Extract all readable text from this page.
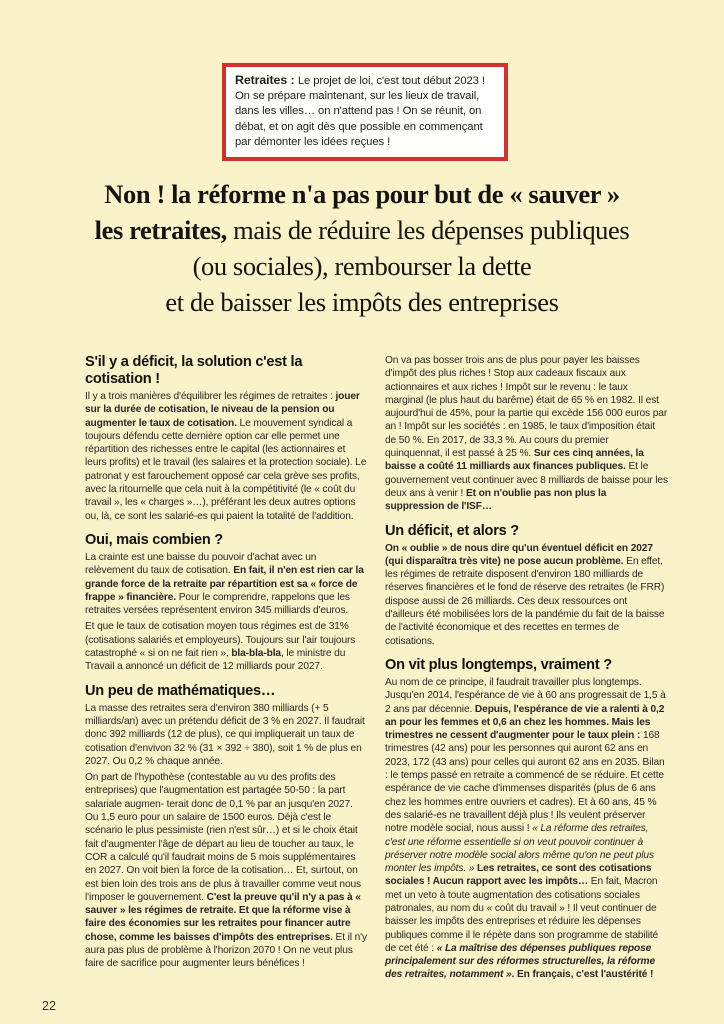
Retraites : Le projet de loi, c'est tout début 2023 ! On se prépare maintenant, sur les lieux de travail, dans les villes… on n'attend pas ! On se réunit, on débat, et on agit dès que possible en commençant par démonter les idées reçues !

Non ! la réforme n'a pas pour but de « sauver »
les retraites, mais de réduire les dépenses publiques
(ou sociales), rembourser la dette
et de baisser les impôts des entreprises
S'il y a déficit, la solution c'est la cotisation !

Il y a trois manières d'équilibrer les régimes de retraites : jouer sur la durée de cotisation, le niveau de la pension ou augmenter le taux de cotisation. Le mouvement syndical a toujours défendu cette dernière option car elle permet une répartition des richesses entre le capital (les actionnaires et leurs profits) et le travail (les salaires et la protection sociale). Le patronat y est farouchement opposé car cela grève ses profits, avec la ritournelle que cela nuit à la compétitivité (le « coût du travail », les « charges »…), préférant les deux autres options ou, là, ce sont les salarié-es qui paient la totalité de l'addition.

Oui, mais combien ?

La crainte est une baisse du pouvoir d'achat avec un relèvement du taux de cotisation. En fait, il n'en est rien car la grande force de la retraite par répartition est sa « force de frappe » financière. Pour le comprendre, rappelons que les retraites versées représentent environ 345 milliards d'euros.

Et que le taux de cotisation moyen tous régimes est de 31% (cotisations salariés et employeurs). Toujours sur l'air toujours catastrophé « si on ne fait rien », bla-bla-bla, le ministre du Travail a annoncé un déficit de 12 milliards pour 2027.

Un peu de mathématiques…

La masse des retraites sera d'environ 380 milliards (+ 5 milliards/an) avec un prétendu déficit de 3 % en 2027. Il faudrait donc 392 milliards (12 de plus), ce qui impliquerait un taux de cotisation d'envivon 32 % (31 × 392 ÷ 380), soit 1 % de plus en 2027. Ou 0,2 % chaque année.

On part de l'hypothèse (contestable au vu des profits des entreprises) que l'augmentation est partagée 50-50 : la part salariale augmen- terait donc de 0,1 % par an jusqu'en 2027. Ou 1,5 euro pour un salaire de 1500 euros. Déjà c'est le scénario le plus pessimiste (rien n'est sûr…) et si le choix était fait d'augmenter l'âge de départ au lieu de toucher au taux, le COR a calculé qu'il faudrait moins de 5 mois supplémentaires en 2027. On voit bien la force de la cotisation… Et, surtout, on est bien loin des trois ans de plus à travailler comme veut nous l'imposer le gouvernement. C'est la preuve qu'il n'y a pas à « sauver » les régimes de retraite. Et que la réforme vise à faire des économies sur les retraites pour financer autre chose, comme les baisses d'impôts des entreprises. Et il n'y aura pas plus de problème à l'horizon 2070 ! On ne veut plus faire de sacrifice pour augmenter leurs bénéfices !

On va pas bosser trois ans de plus pour payer les baisses d'impôt des plus riches ! Stop aux cadeaux fiscaux aux actionnaires et aux riches ! Impôt sur le revenu : le taux marginal (le plus haut du barême) était de 65 % en 1982. Il est aujourd'hui de 45%, pour la partie qui excède 156 000 euros par an ! Impôt sur les sociétés : en 1985, le taux d'imposition était de 50 %. En 2017, de 33,3 %. Au cours du premier quinquennat, il est passé à 25 %. Sur ces cinq années, la baisse a coûté 11 milliards aux finances publiques. Et le gouvernement veut continuer avec 8 milliards de baisse pour les deux ans à venir ! Et on n'oublie pas non plus la suppression de l'ISF…

Un déficit, et alors ?

On « oublie » de nous dire qu'un éventuel déficit en 2027 (qui disparaîtra très vite) ne pose aucun problème. En effet, les régimes de retraite disposent d'environ 180 milliards de réserves financières et le fond de réserve des retraites (le FRR) dispose aussi de 26 milliards. Ces deux ressources ont d'ailleurs été mobilisées lors de la pandémie du fait de la baisse de l'activité économique et des recettes en termes de cotisations.

On vit plus longtemps, vraiment ?

Au nom de ce principe, il faudrait travailler plus longtemps. Jusqu'en 2014, l'espérance de vie à 60 ans progressait de 1,5 à 2 ans par décennie. Depuis, l'espérance de vie a ralenti à 0,2 an pour les femmes et 0,6 an chez les hommes. Mais les trimestres ne cessent d'augmenter pour le taux plein : 168 trimestres (42 ans) pour les personnes qui auront 62 ans en 2023, 172 (43 ans) pour celles qui auront 62 ans en 2035. Bilan : le temps passé en retraite a commencé de se réduire. Et cette espérance de vie cache d'immenses disparités (plus de 6 ans chez les hommes entre ouvriers et cadres). Et à 60 ans, 45 % des salarié-es ne travaillent déjà plus ! Ils veulent préserver notre modèle social, nous aussi ! « La réforme des retraites, c'est une réforme essentielle si on veut pouvoir continuer à préserver notre modèle social alors même qu'on ne peut plus monter les impôts. » Les retraites, ce sont des cotisations sociales ! Aucun rapport avec les impôts… En fait, Macron met un veto à toute augmentation des cotisations sociales patronales, au nom du « coût du travail » ! Il veut continuer de baisser les impôts des entreprises et réduire les dépenses publiques comme il le répète dans son programme de stabilité de cet été : « La maîtrise des dépenses publiques repose principalement sur des réformes structurelles, la réforme des retraites, notamment ». En français, c'est l'austérité !

22
